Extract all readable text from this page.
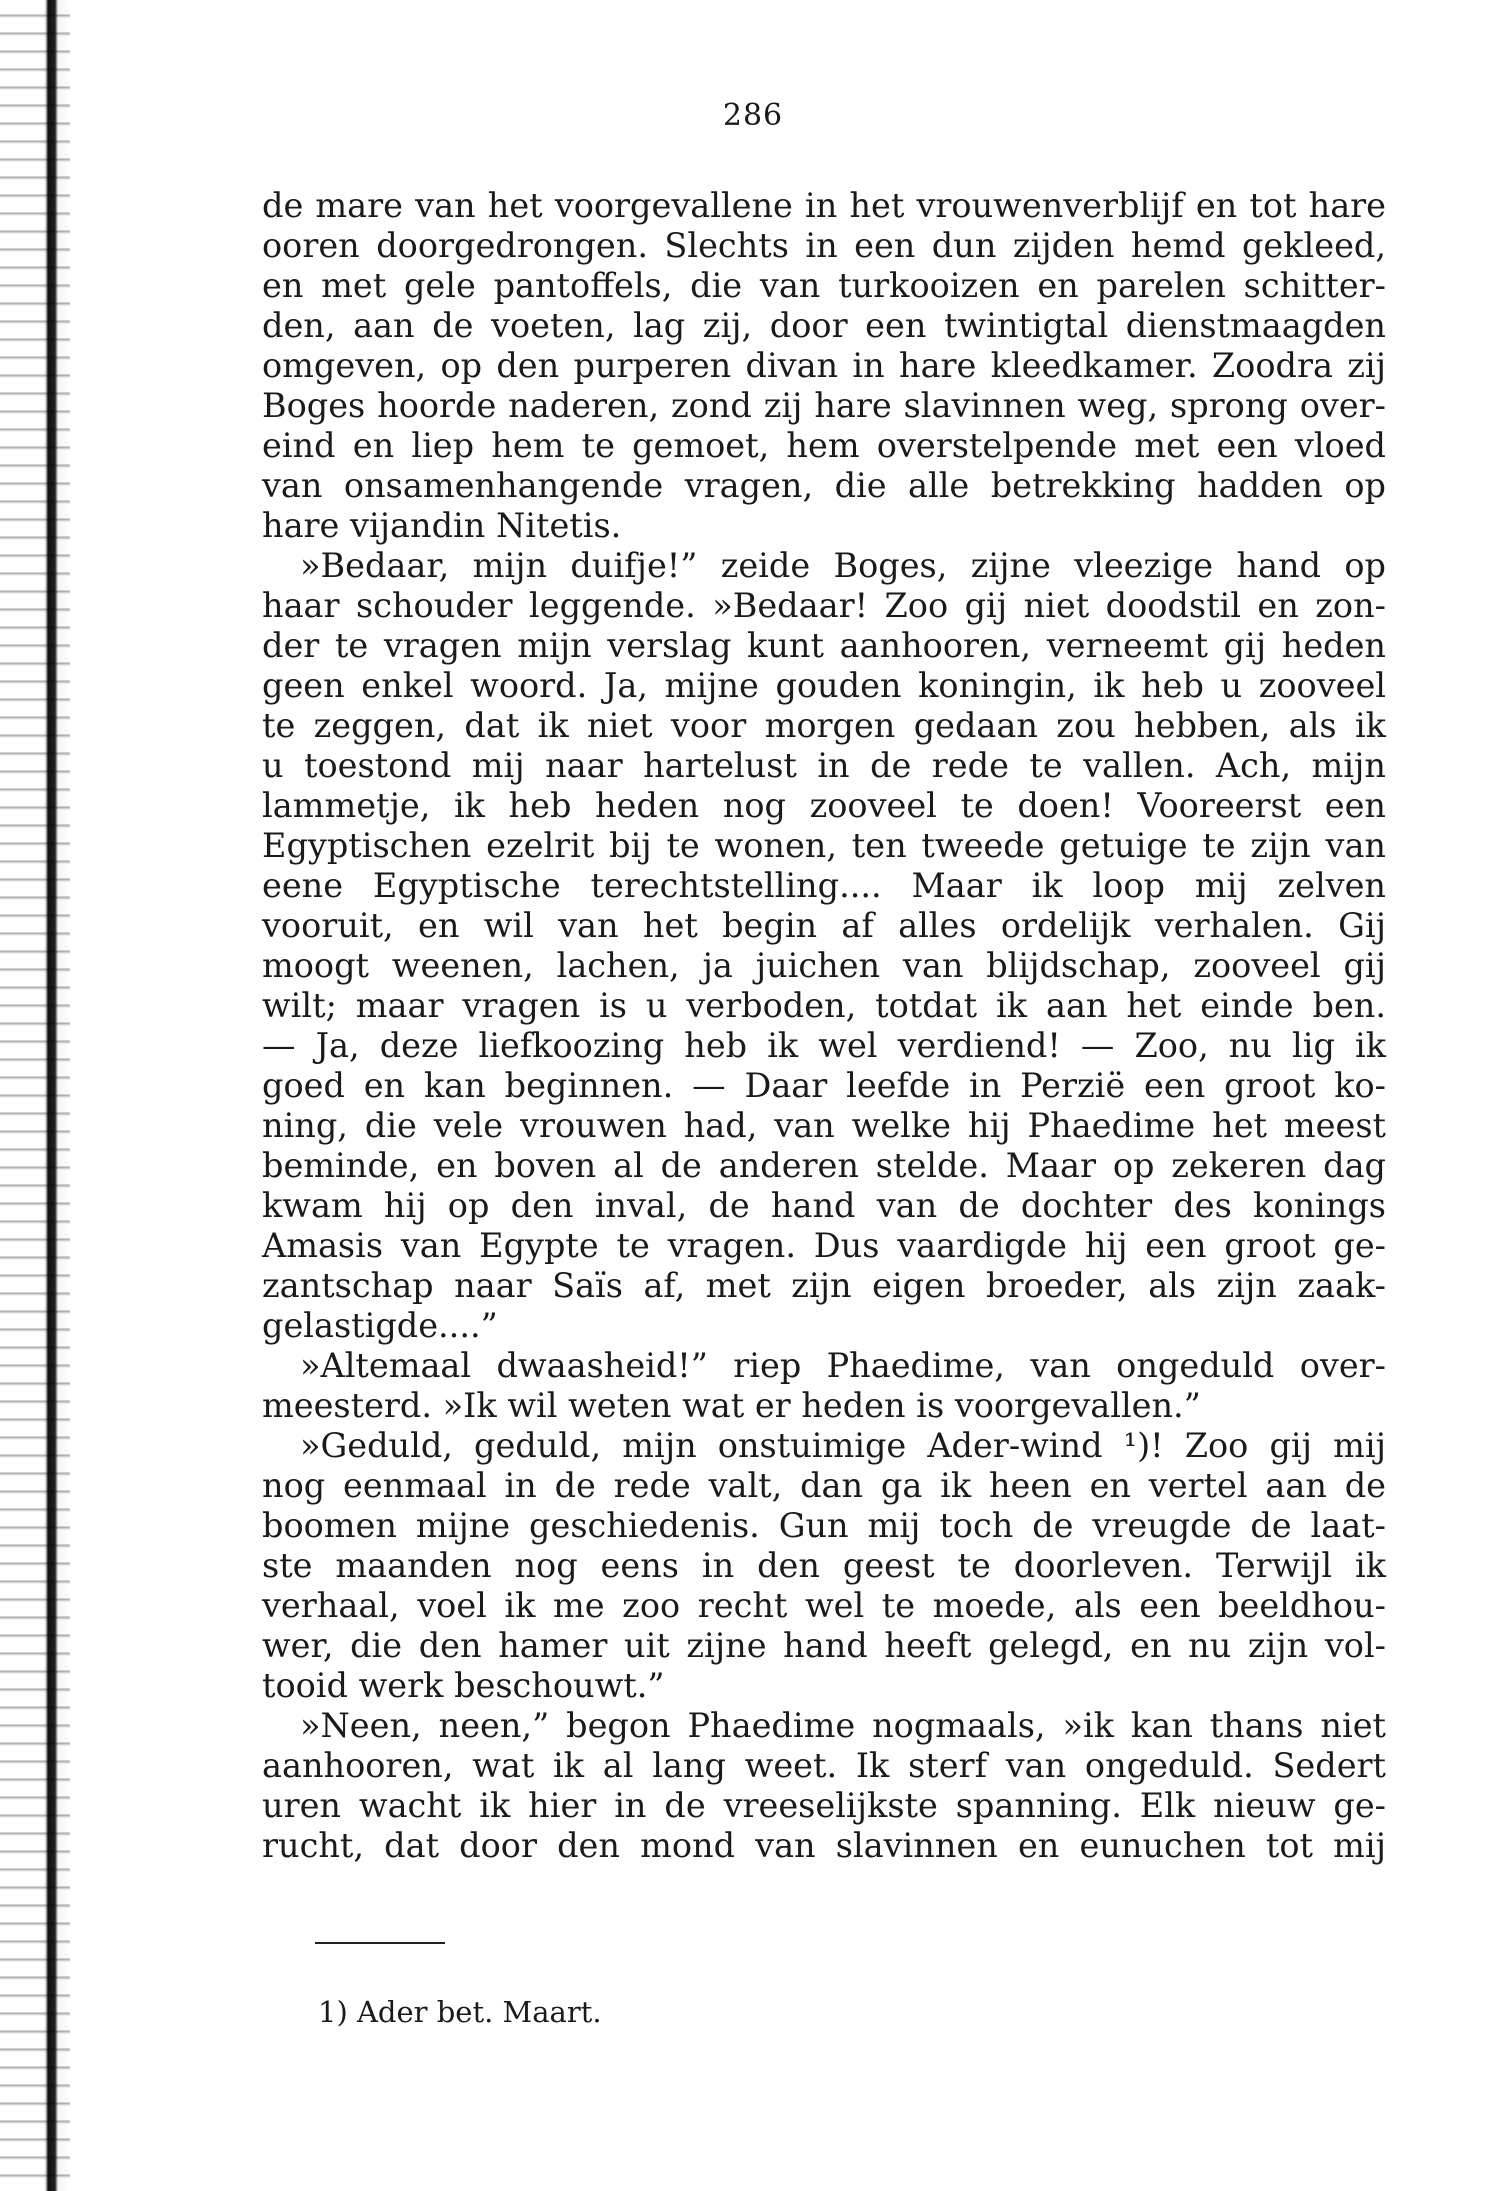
286
de mare van het voorgevallene in het vrouwenverblijf en tot hare
ooren doorgedrongen. Slechts in een dun zijden hemd gekleed,
en met gele pantoffels, die van turkooizen en parelen schitter-
den, aan de voeten, lag zij, door een twintigtal dienstmaagden
omgeven, op den purperen divan in hare kleedkamer. Zoodra zij
Boges hoorde naderen, zond zij hare slavinnen weg, sprong over-
eind en liep hem te gemoet, hem overstelpende met een vloed
van onsamenhangende vragen, die alle betrekking hadden op
hare vijandin Nitetis.
»Bedaar, mijn duifje!” zeide Boges, zijne vleezige hand op
haar schouder leggende. »Bedaar! Zoo gij niet doodstil en zon-
der te vragen mijn verslag kunt aanhooren, verneemt gij heden
geen enkel woord. Ja, mijne gouden koningin, ik heb u zooveel
te zeggen, dat ik niet voor morgen gedaan zou hebben, als ik
u toestond mij naar hartelust in de rede te vallen. Ach, mijn
lammetje, ik heb heden nog zooveel te doen! Vooreerst een
Egyptischen ezelrit bij te wonen, ten tweede getuige te zijn van
eene Egyptische terechtstelling.... Maar ik loop mij zelven
vooruit, en wil van het begin af alles ordelijk verhalen. Gij
moogt weenen, lachen, ja juichen van blijdschap, zooveel gij
wilt; maar vragen is u verboden, totdat ik aan het einde ben.
— Ja, deze liefkoozing heb ik wel verdiend! — Zoo, nu lig ik
goed en kan beginnen. — Daar leefde in Perzië een groot ko-
ning, die vele vrouwen had, van welke hij Phaedime het meest
beminde, en boven al de anderen stelde. Maar op zekeren dag
kwam hij op den inval, de hand van de dochter des konings
Amasis van Egypte te vragen. Dus vaardigde hij een groot ge-
zantschap naar Saïs af, met zijn eigen broeder, als zijn zaak-
gelastigde....”
»Altemaal dwaasheid!” riep Phaedime, van ongeduld over-
meesterd. »Ik wil weten wat er heden is voorgevallen.”
»Geduld, geduld, mijn onstuimige Ader-wind ¹)! Zoo gij mij
nog eenmaal in de rede valt, dan ga ik heen en vertel aan de
boomen mijne geschiedenis. Gun mij toch de vreugde de laat-
ste maanden nog eens in den geest te doorleven. Terwijl ik
verhaal, voel ik me zoo recht wel te moede, als een beeldhou-
wer, die den hamer uit zijne hand heeft gelegd, en nu zijn vol-
tooid werk beschouwt.”
»Neen, neen,” begon Phaedime nogmaals, »ik kan thans niet
aanhooren, wat ik al lang weet. Ik sterf van ongeduld. Sedert
uren wacht ik hier in de vreeselijkste spanning. Elk nieuw ge-
rucht, dat door den mond van slavinnen en eunuchen tot mij
1) Ader bet. Maart.
